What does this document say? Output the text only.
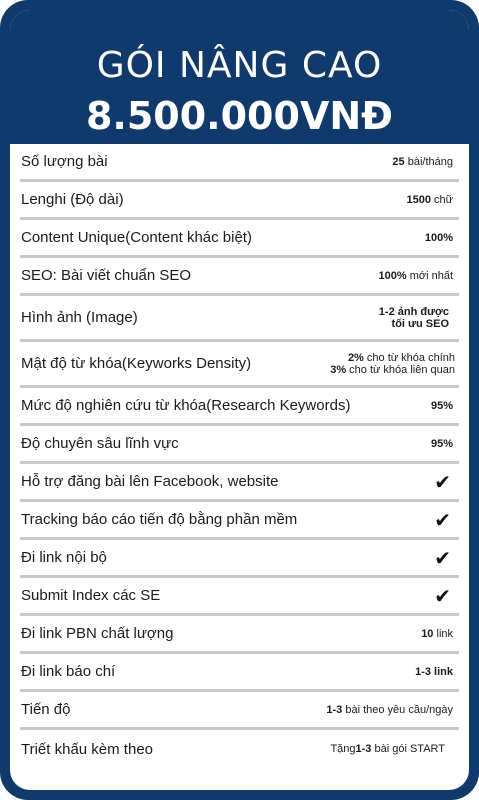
GÓI NÂNG CAO
8.500.000VNĐ
Số lượng bài	25 bài/tháng
Lenghi (Độ dài)	1500 chữ
Content Unique(Content khác biệt)	100%
SEO: Bài viết chuẩn SEO	100% mới nhất
Hình ảnh (Image)	1-2 ảnh được
tối ưu SEO
Mật độ từ khóa(Keyworks Density)	2% cho từ khóa chính
3% cho từ khóa liên quan
Mức độ nghiên cứu từ khóa(Research Keywords)	95%
Độ chuyên sâu lĩnh vực	95%
Hỗ trợ đăng bài lên Facebook, website	✔
Tracking báo cáo tiến độ bằng phần mềm	✔
Đi link nội bộ	✔
Submit Index các SE	✔
Đi link PBN chất lượng	10 link
Đi link báo chí	1-3 link
Tiến độ	1-3 bài theo yêu cầu/ngày
Triết khấu kèm theo	Tặng1-3 bài gói START
